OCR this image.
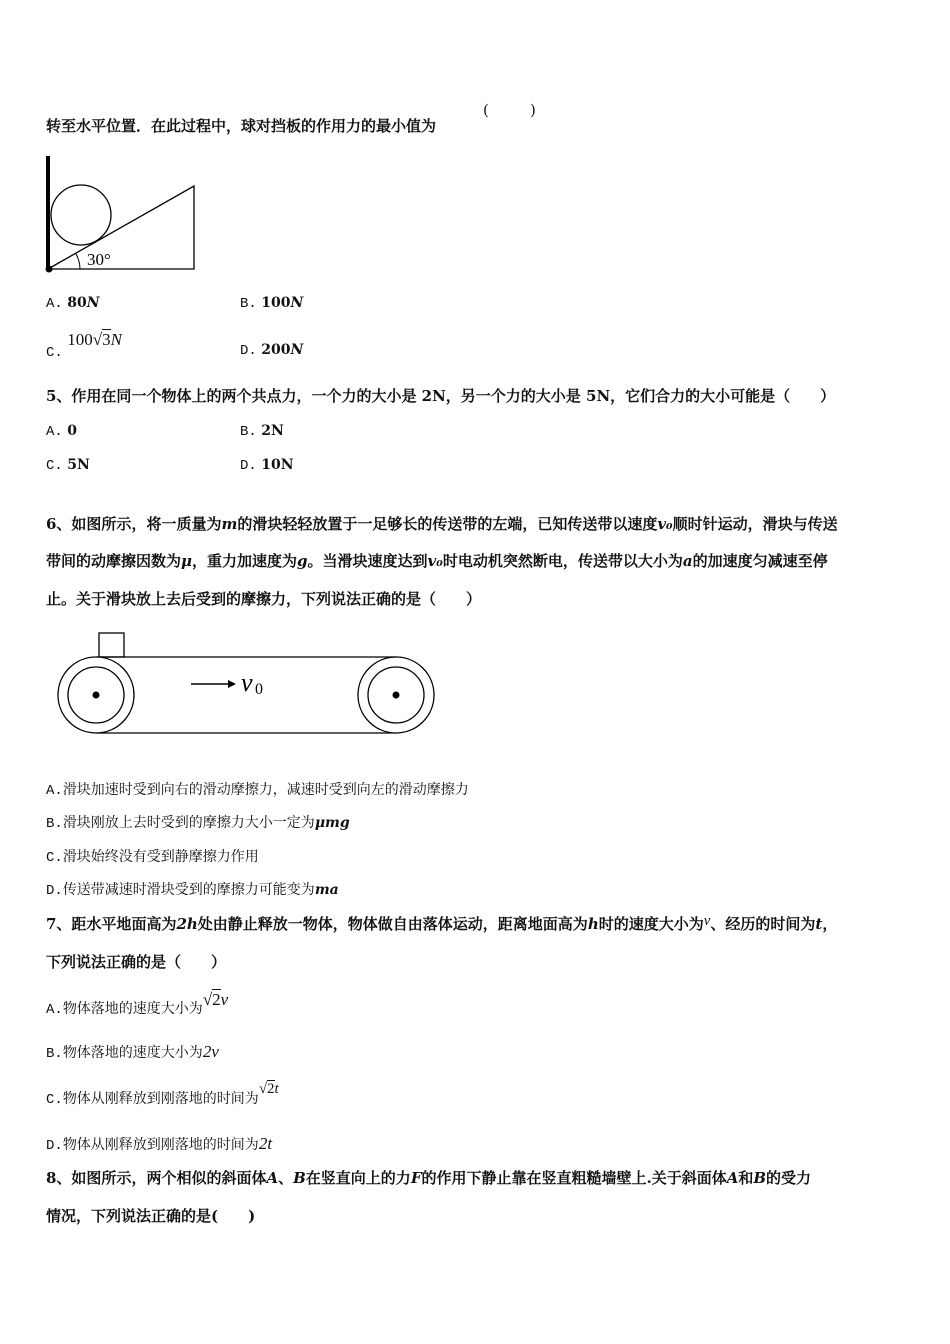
转至水平位置．在此过程中，球对挡板的作用力的最小值为
(	)
30°
A. 80N	B. 100N
C. 100√3N
D. 200N
5、作用在同一个物体上的两个共点力，一个力的大小是 2N，另一个力的大小是 5N，它们合力的大小可能是（　　）
A. 0	B. 2N
C. 5N	D. 10N
6、如图所示，将一质量为m的滑块轻轻放置于一足够长的传送带的左端，已知传送带以速度v₀顺时针运动，滑块与传送
带间的动摩擦因数为μ，重力加速度为g。当滑块速度达到v₀时电动机突然断电，传送带以大小为a的加速度匀减速至停
止。关于滑块放上去后受到的摩擦力，下列说法正确的是（　　）
v 0
A.滑块加速时受到向右的滑动摩擦力，减速时受到向左的滑动摩擦力
B.滑块刚放上去时受到的摩擦力大小一定为μmg
C.滑块始终没有受到静摩擦力作用
D.传送带减速时滑块受到的摩擦力可能变为ma
7、距水平地面高为2h处由静止释放一物体，物体做自由落体运动，距离地面高为h时的速度大小为v、经历的时间为t，
下列说法正确的是（　　）
A.物体落地的速度大小为√2v
B.物体落地的速度大小为2v
C.物体从刚释放到刚落地的时间为√2t
D.物体从刚释放到刚落地的时间为2t
8、如图所示，两个相似的斜面体A、B在竖直向上的力F的作用下静止靠在竖直粗糙墙壁上.关于斜面体A和B的受力
情况，下列说法正确的是(　　)
